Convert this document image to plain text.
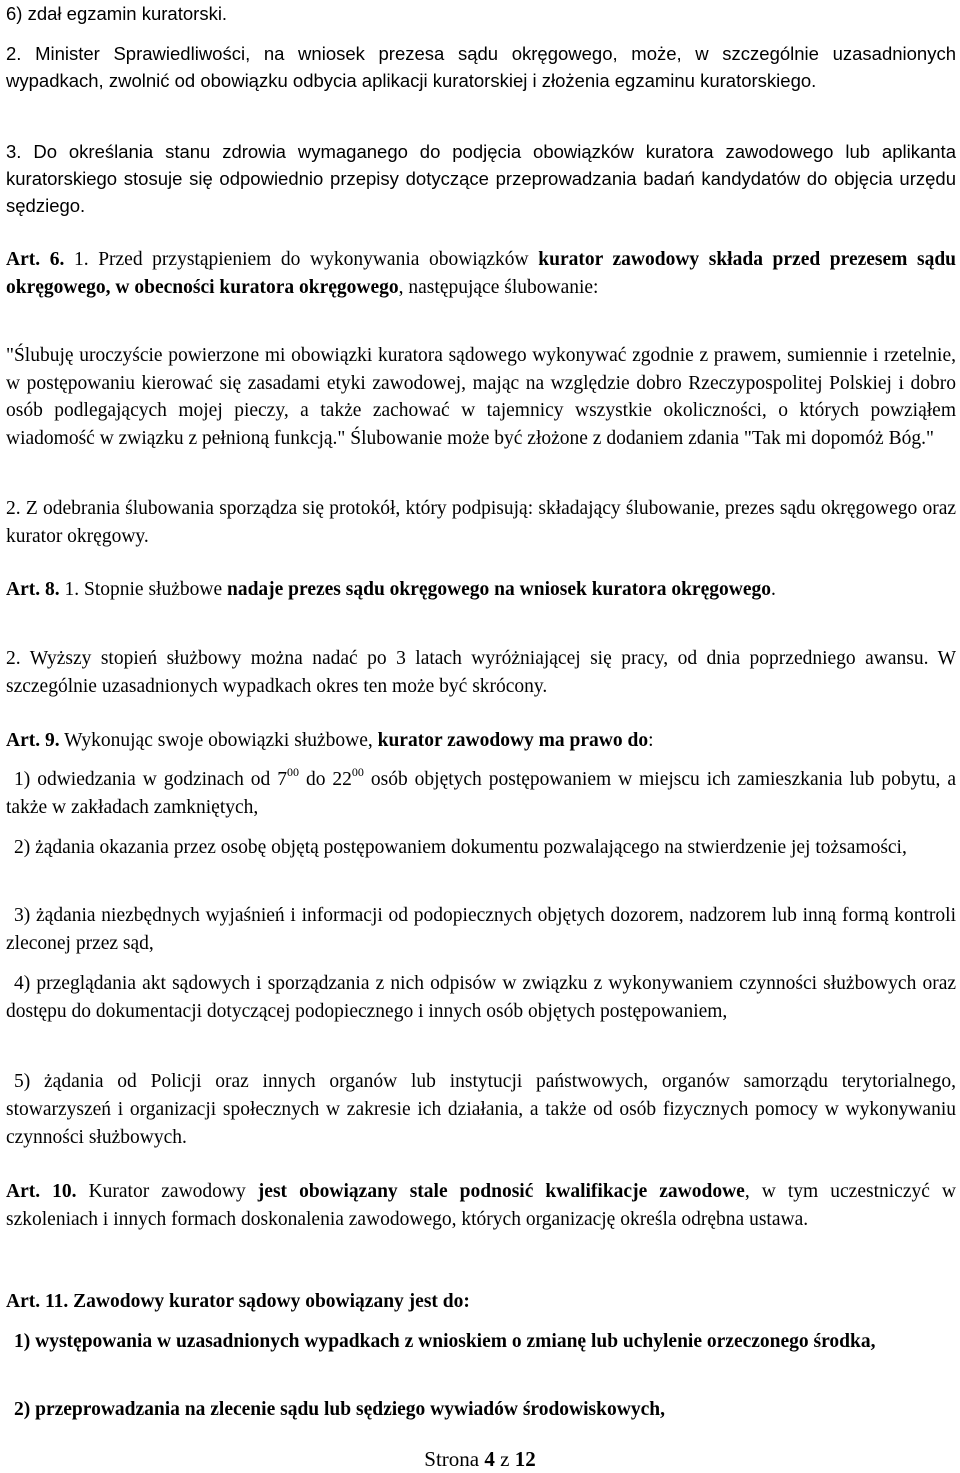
6) zdał egzamin kuratorski.

2. Minister Sprawiedliwości, na wniosek prezesa sądu okręgowego, może, w szczególnie uzasadnionych wypadkach, zwolnić od obowiązku odbycia aplikacji kuratorskiej i złożenia egzaminu kuratorskiego.

3. Do określania stanu zdrowia wymaganego do podjęcia obowiązków kuratora zawodowego lub aplikanta kuratorskiego stosuje się odpowiednio przepisy dotyczące przeprowadzania badań kandydatów do objęcia urzędu sędziego.

Art. 6. 1. Przed przystąpieniem do wykonywania obowiązków kurator zawodowy składa przed prezesem sądu okręgowego, w obecności kuratora okręgowego, następujące ślubowanie:

"Ślubuję uroczyście powierzone mi obowiązki kuratora sądowego wykonywać zgodnie z prawem, sumiennie i rzetelnie, w postępowaniu kierować się zasadami etyki zawodowej, mając na względzie dobro Rzeczypospolitej Polskiej i dobro osób podlegających mojej pieczy, a także zachować w tajemnicy wszystkie okoliczności, o których powziąłem wiadomość w związku z pełnioną funkcją." Ślubowanie może być złożone z dodaniem zdania "Tak mi dopomóż Bóg."

2. Z odebrania ślubowania sporządza się protokół, który podpisują: składający ślubowanie, prezes sądu okręgowego oraz kurator okręgowy.

Art. 8. 1. Stopnie służbowe nadaje prezes sądu okręgowego na wniosek kuratora okręgowego.

2. Wyższy stopień służbowy można nadać po 3 latach wyróżniającej się pracy, od dnia poprzedniego awansu. W szczególnie uzasadnionych wypadkach okres ten może być skrócony.

Art. 9. Wykonując swoje obowiązki służbowe, kurator zawodowy ma prawo do:

1) odwiedzania w godzinach od $7^{00}$ do $22^{00}$ osób objętych postępowaniem w miejscu ich zamieszkania lub pobytu, a także w zakładach zamkniętych,

2) żądania okazania przez osobę objętą postępowaniem dokumentu pozwalającego na stwierdzenie jej tożsamości,

3) żądania niezbędnych wyjaśnień i informacji od podopiecznych objętych dozorem, nadzorem lub inną formą kontroli zleconej przez sąd,

4) przeglądania akt sądowych i sporządzania z nich odpisów w związku z wykonywaniem czynności służbowych oraz dostępu do dokumentacji dotyczącej podopiecznego i innych osób objętych postępowaniem,

5) żądania od Policji oraz innych organów lub instytucji państwowych, organów samorządu terytorialnego, stowarzyszeń i organizacji społecznych w zakresie ich działania, a także od osób fizycznych pomocy w wykonywaniu czynności służbowych.

Art. 10. Kurator zawodowy jest obowiązany stale podnosić kwalifikacje zawodowe, w tym uczestniczyć w szkoleniach i innych formach doskonalenia zawodowego, których organizację określa odrębna ustawa.

Art. 11. Zawodowy kurator sądowy obowiązany jest do:

1) występowania w uzasadnionych wypadkach z wnioskiem o zmianę lub uchylenie orzeczonego środka,

2) przeprowadzania na zlecenie sądu lub sędziego wywiadów środowiskowych,

Strona 4 z 12
